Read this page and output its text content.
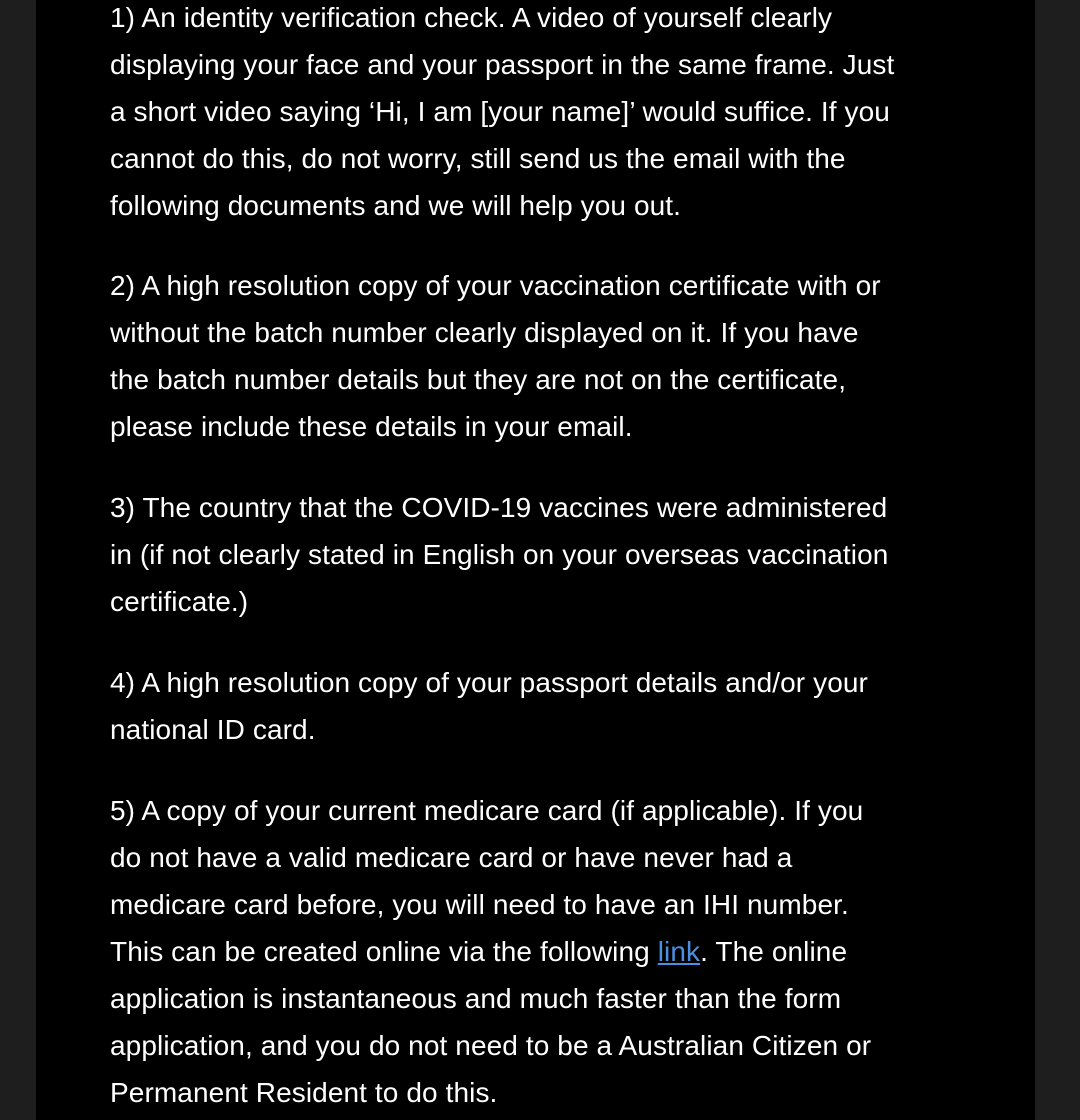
1) An identity verification check. A video of yourself clearly
displaying your face and your passport in the same frame. Just
a short video saying ‘Hi, I am [your name]’ would suffice. If you
cannot do this, do not worry, still send us the email with the
following documents and we will help you out.

2) A high resolution copy of your vaccination certificate with or
without the batch number clearly displayed on it. If you have
the batch number details but they are not on the certificate,
please include these details in your email.

3) The country that the COVID-19 vaccines were administered
in (if not clearly stated in English on your overseas vaccination
certificate.)

4) A high resolution copy of your passport details and/or your
national ID card.

5) A copy of your current medicare card (if applicable). If you
do not have a valid medicare card or have never had a
medicare card before, you will need to have an IHI number.
This can be created online via the following link. The online
application is instantaneous and much faster than the form
application, and you do not need to be a Australian Citizen or
Permanent Resident to do this.
